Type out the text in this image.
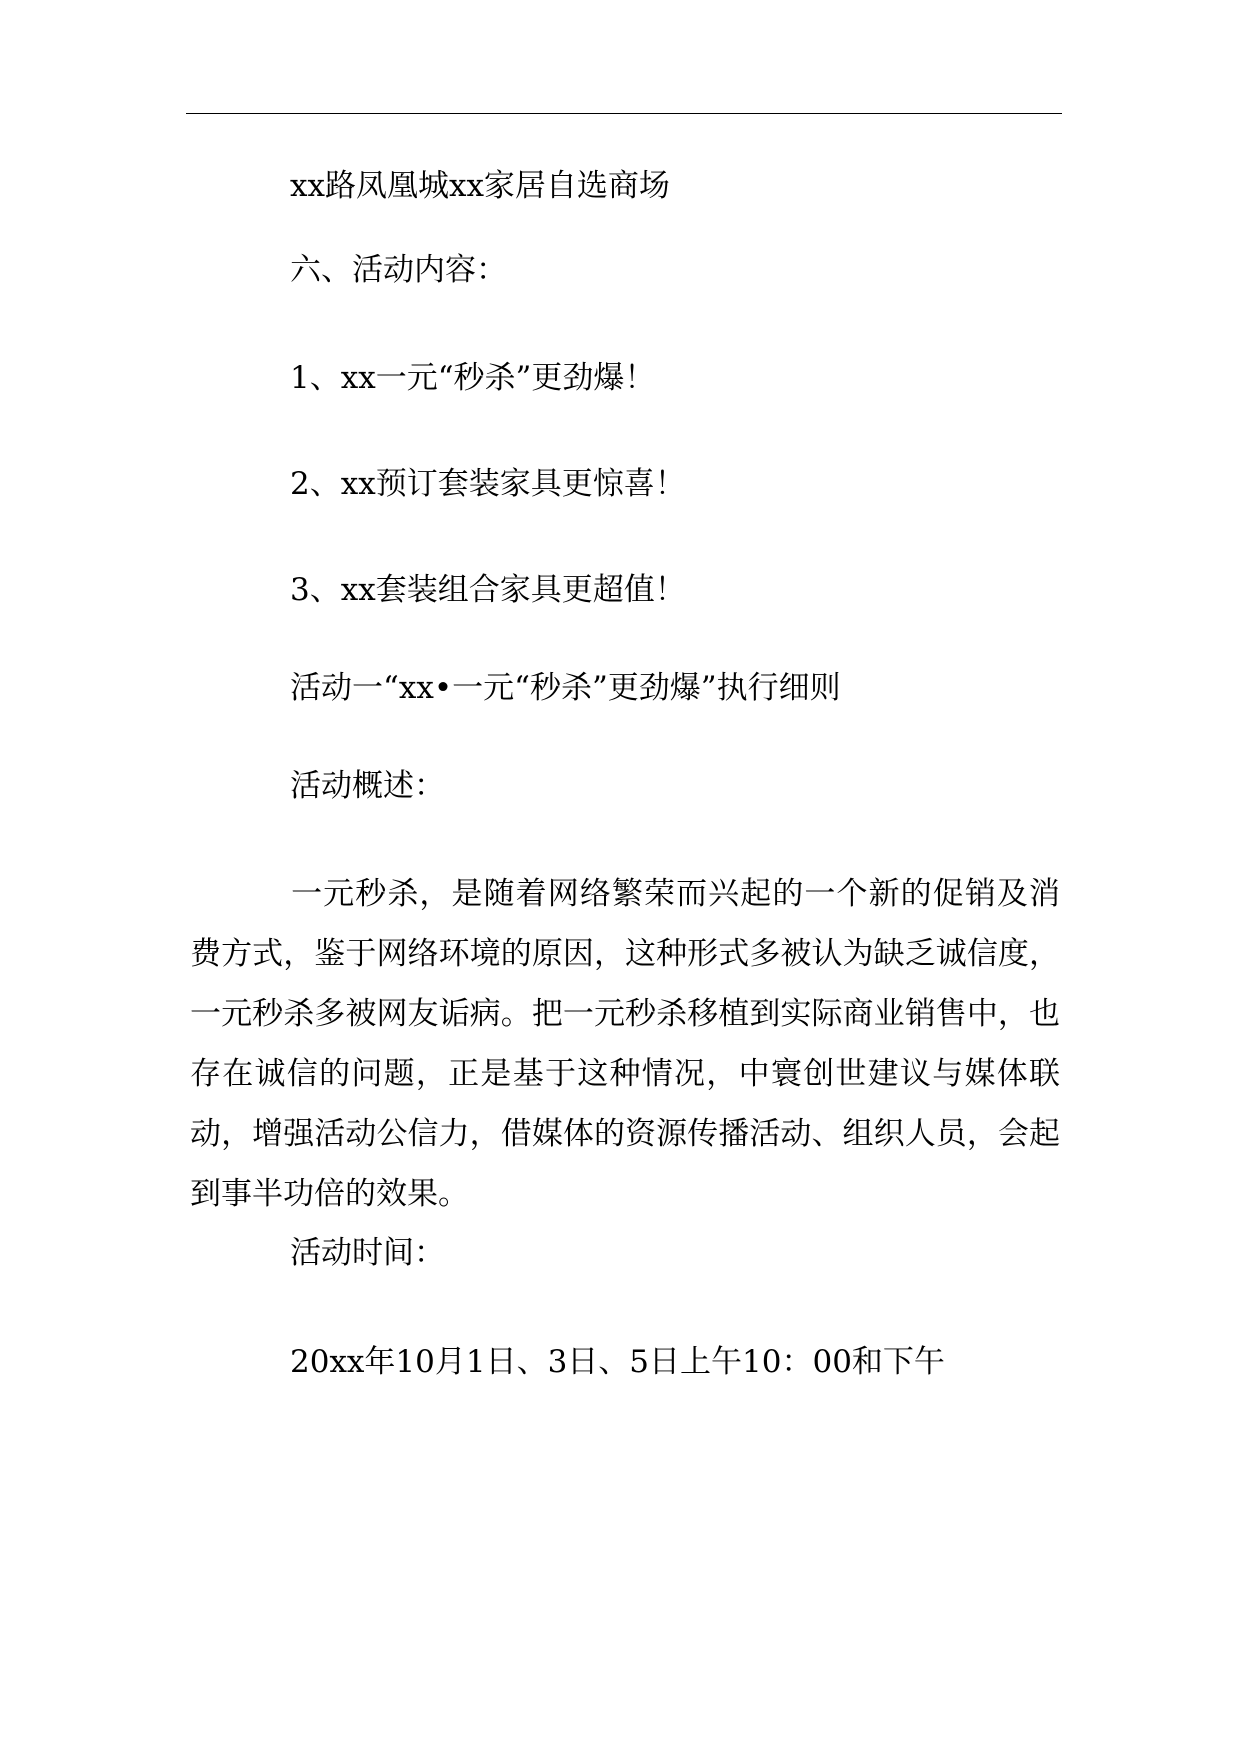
xx路凤凰城xx家居自选商场
六、活动内容：
1、xx一元“秒杀”更劲爆！
2、xx预订套装家具更惊喜！
3、xx套装组合家具更超值！
活动一“xx•一元“秒杀”更劲爆”执行细则
活动概述：
一元秒杀，是随着网络繁荣而兴起的一个新的促销及消费方式，鉴于网络环境的原因，这种形式多被认为缺乏诚信度，一元秒杀多被网友诟病。把一元秒杀移植到实际商业销售中，也存在诚信的问题，正是基于这种情况，中寰创世建议与媒体联动，增强活动公信力，借媒体的资源传播活动、组织人员，会起到事半功倍的效果。
活动时间：
20xx年10月1日、3日、5日上午10：00和下午
